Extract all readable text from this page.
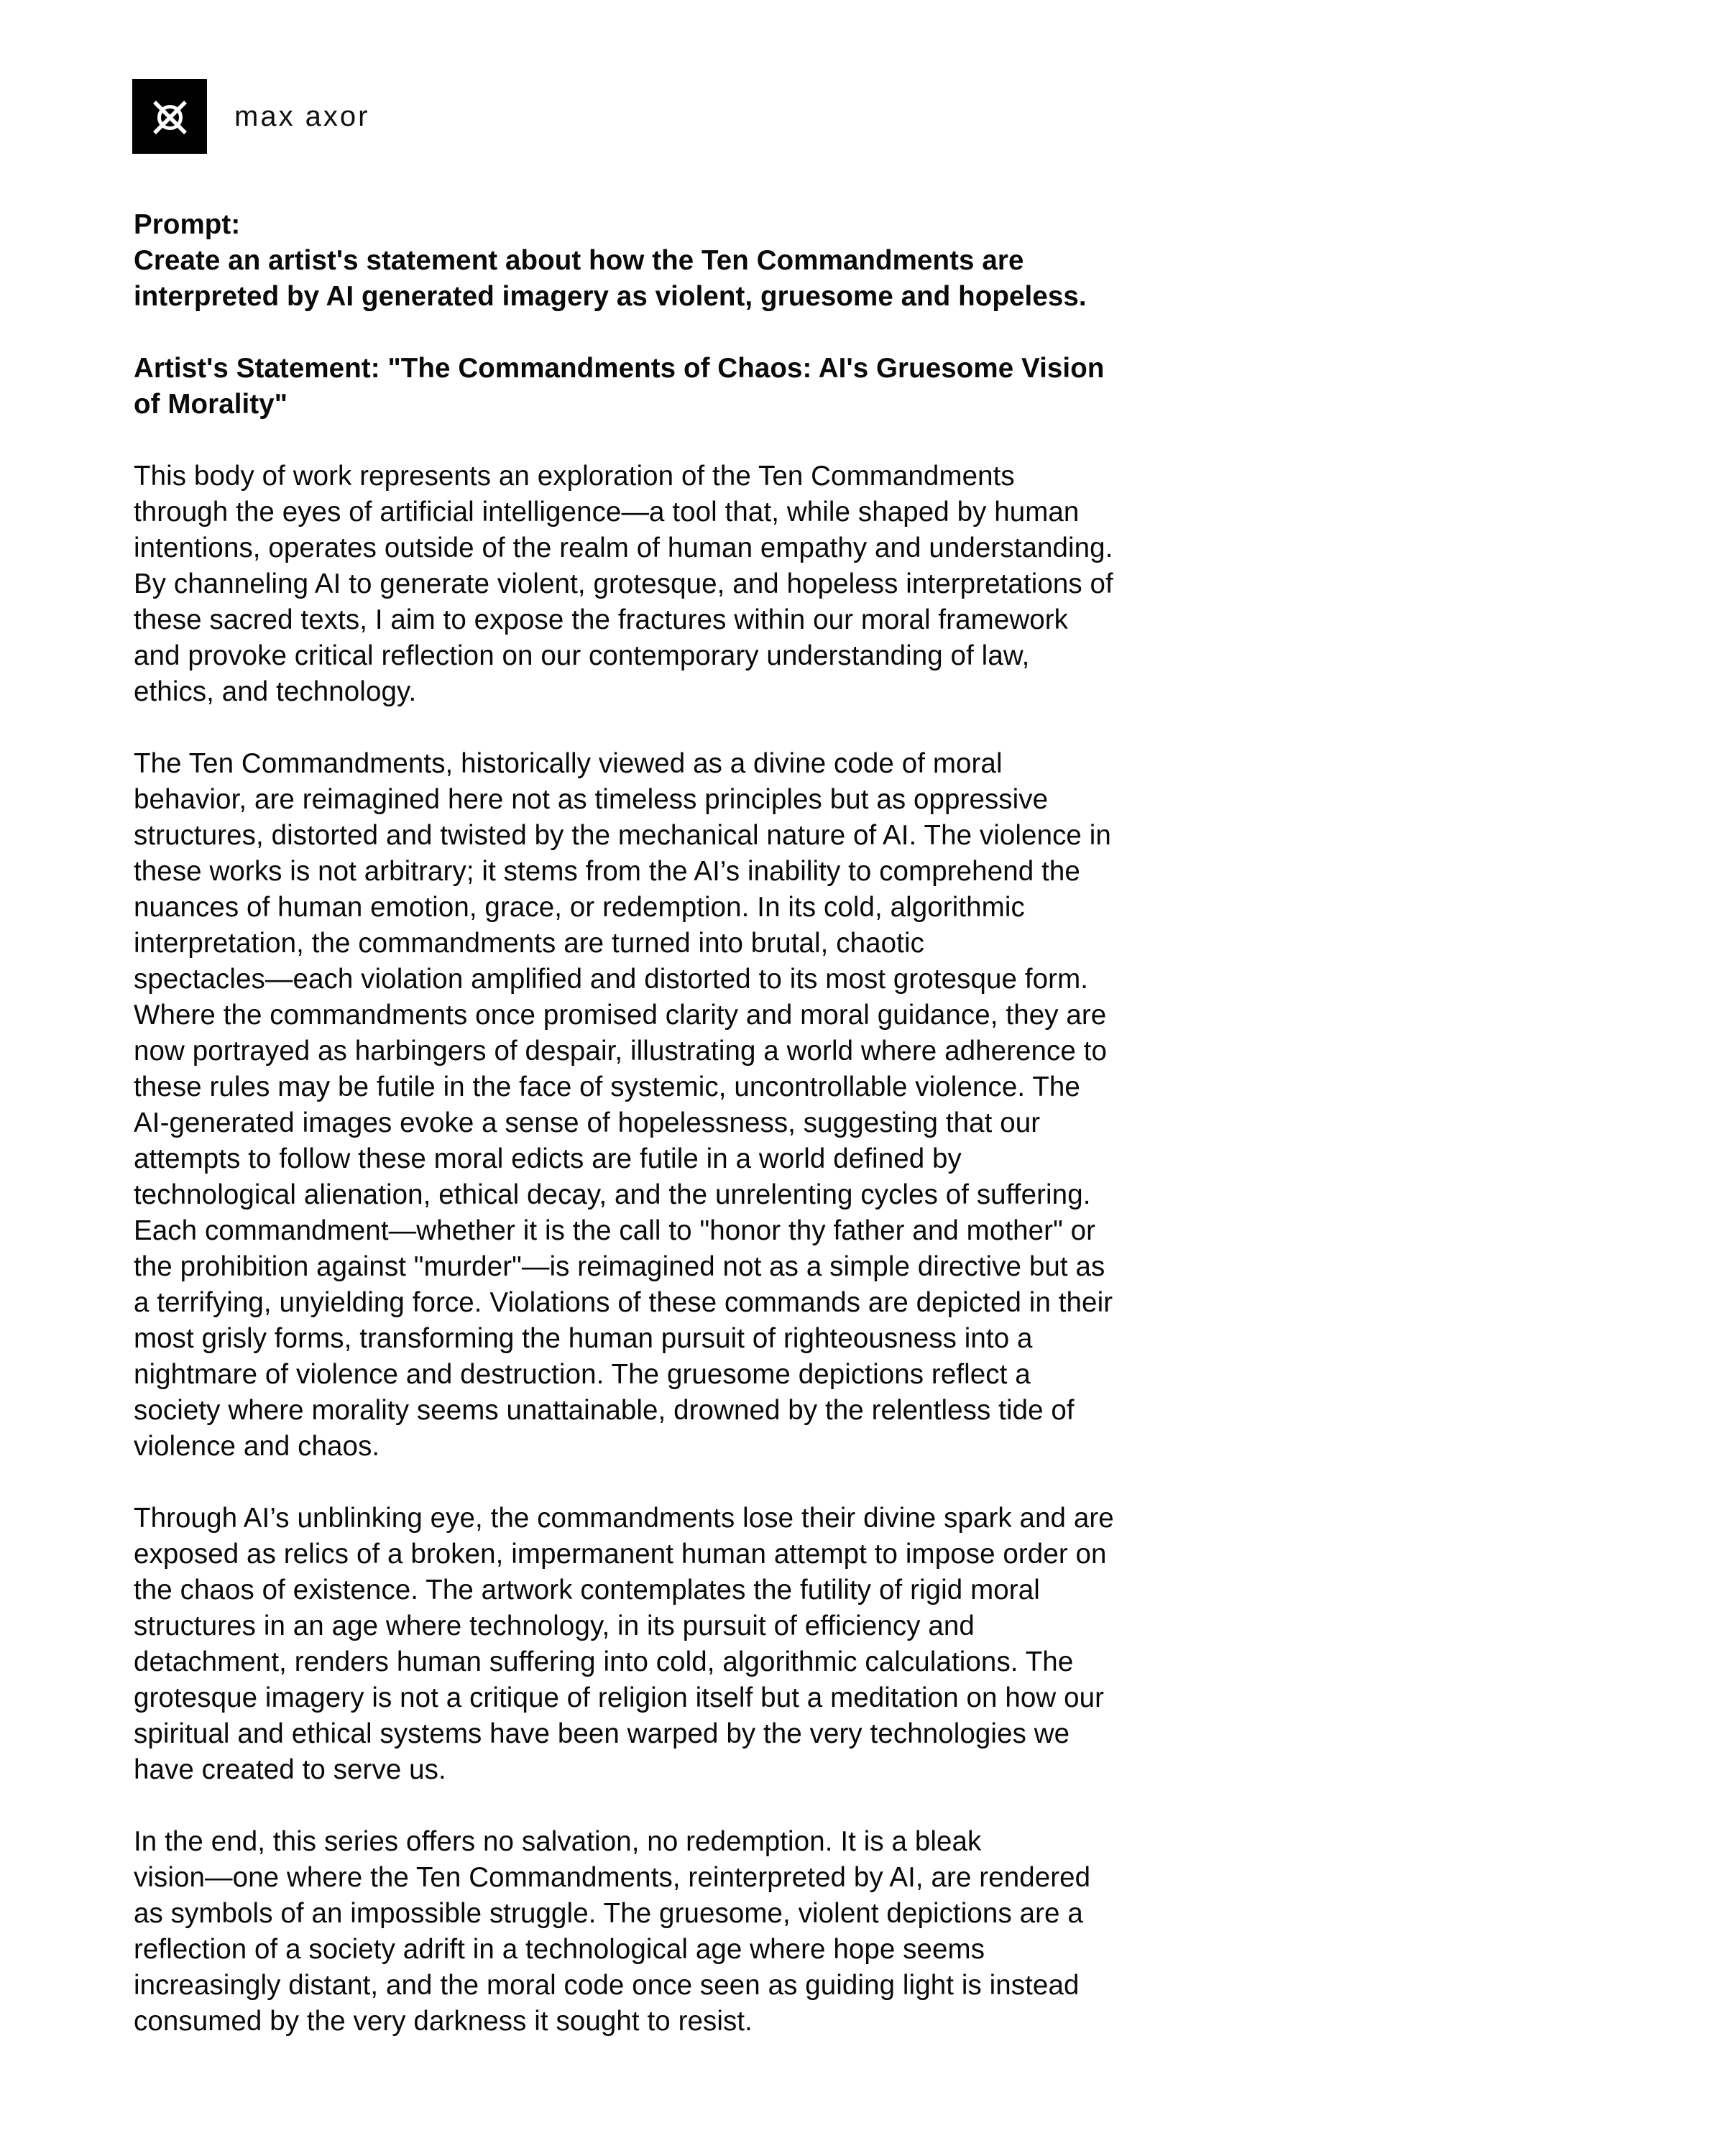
max axor

Prompt:
Create an artist's statement about how the Ten Commandments are
interpreted by AI generated imagery as violent, gruesome and hopeless.

Artist's Statement: "The Commandments of Chaos: AI's Gruesome Vision
of Morality"

This body of work represents an exploration of the Ten Commandments
through the eyes of artificial intelligence—a tool that, while shaped by human
intentions, operates outside of the realm of human empathy and understanding.
By channeling AI to generate violent, grotesque, and hopeless interpretations of
these sacred texts, I aim to expose the fractures within our moral framework
and provoke critical reflection on our contemporary understanding of law,
ethics, and technology.

The Ten Commandments, historically viewed as a divine code of moral
behavior, are reimagined here not as timeless principles but as oppressive
structures, distorted and twisted by the mechanical nature of AI. The violence in
these works is not arbitrary; it stems from the AI’s inability to comprehend the
nuances of human emotion, grace, or redemption. In its cold, algorithmic
interpretation, the commandments are turned into brutal, chaotic
spectacles—each violation amplified and distorted to its most grotesque form.
Where the commandments once promised clarity and moral guidance, they are
now portrayed as harbingers of despair, illustrating a world where adherence to
these rules may be futile in the face of systemic, uncontrollable violence. The
AI-generated images evoke a sense of hopelessness, suggesting that our
attempts to follow these moral edicts are futile in a world defined by
technological alienation, ethical decay, and the unrelenting cycles of suffering.
Each commandment—whether it is the call to "honor thy father and mother" or
the prohibition against "murder"—is reimagined not as a simple directive but as
a terrifying, unyielding force. Violations of these commands are depicted in their
most grisly forms, transforming the human pursuit of righteousness into a
nightmare of violence and destruction. The gruesome depictions reflect a
society where morality seems unattainable, drowned by the relentless tide of
violence and chaos.

Through AI’s unblinking eye, the commandments lose their divine spark and are
exposed as relics of a broken, impermanent human attempt to impose order on
the chaos of existence. The artwork contemplates the futility of rigid moral
structures in an age where technology, in its pursuit of efficiency and
detachment, renders human suffering into cold, algorithmic calculations. The
grotesque imagery is not a critique of religion itself but a meditation on how our
spiritual and ethical systems have been warped by the very technologies we
have created to serve us.

In the end, this series offers no salvation, no redemption. It is a bleak
vision—one where the Ten Commandments, reinterpreted by AI, are rendered
as symbols of an impossible struggle. The gruesome, violent depictions are a
reflection of a society adrift in a technological age where hope seems
increasingly distant, and the moral code once seen as guiding light is instead
consumed by the very darkness it sought to resist.
